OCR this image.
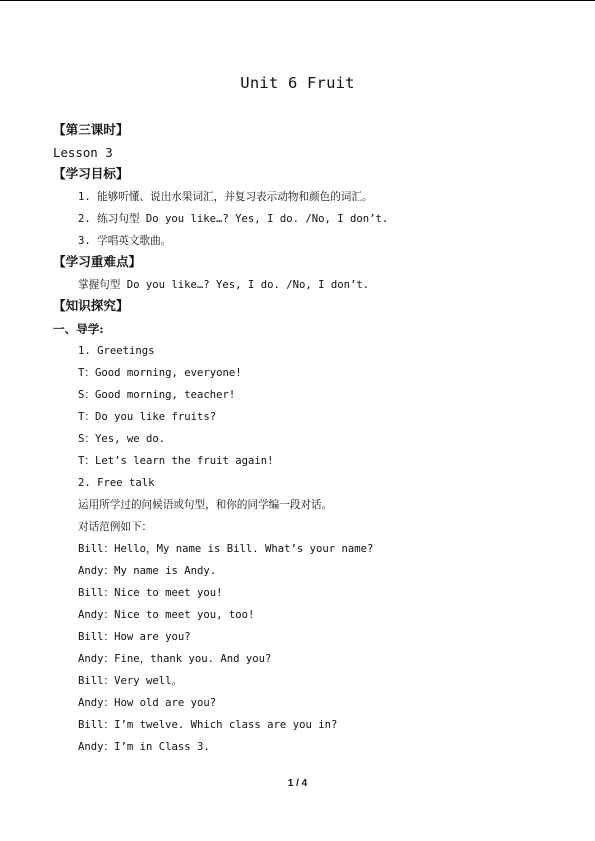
Unit 6 Fruit
【第三课时】
Lesson 3
【学习目标】
1. 能够听懂、说出水果词汇，并复习表示动物和颜色的词汇。
2. 练习句型 Do you like…? Yes, I do. /No, I don’t.
3. 学唱英文歌曲。
【学习重难点】
掌握句型 Do you like…? Yes, I do. /No, I don’t.
【知识探究】
一、导学:
1. Greetings
T：Good morning, everyone!
S：Good morning, teacher!
T：Do you like fruits?
S：Yes, we do.
T：Let’s learn the fruit again!
2. Free talk
运用所学过的问候语或句型，和你的同学编一段对话。
对话范例如下：
Bill：Hello，My name is Bill. What’s your name?
Andy：My name is Andy.
Bill：Nice to meet you!
Andy：Nice to meet you, too!
Bill：How are you?
Andy：Fine，thank you. And you?
Bill：Very well。
Andy：How old are you?
Bill：I’m twelve. Which class are you in?
Andy：I’m in Class 3.
1 / 4
